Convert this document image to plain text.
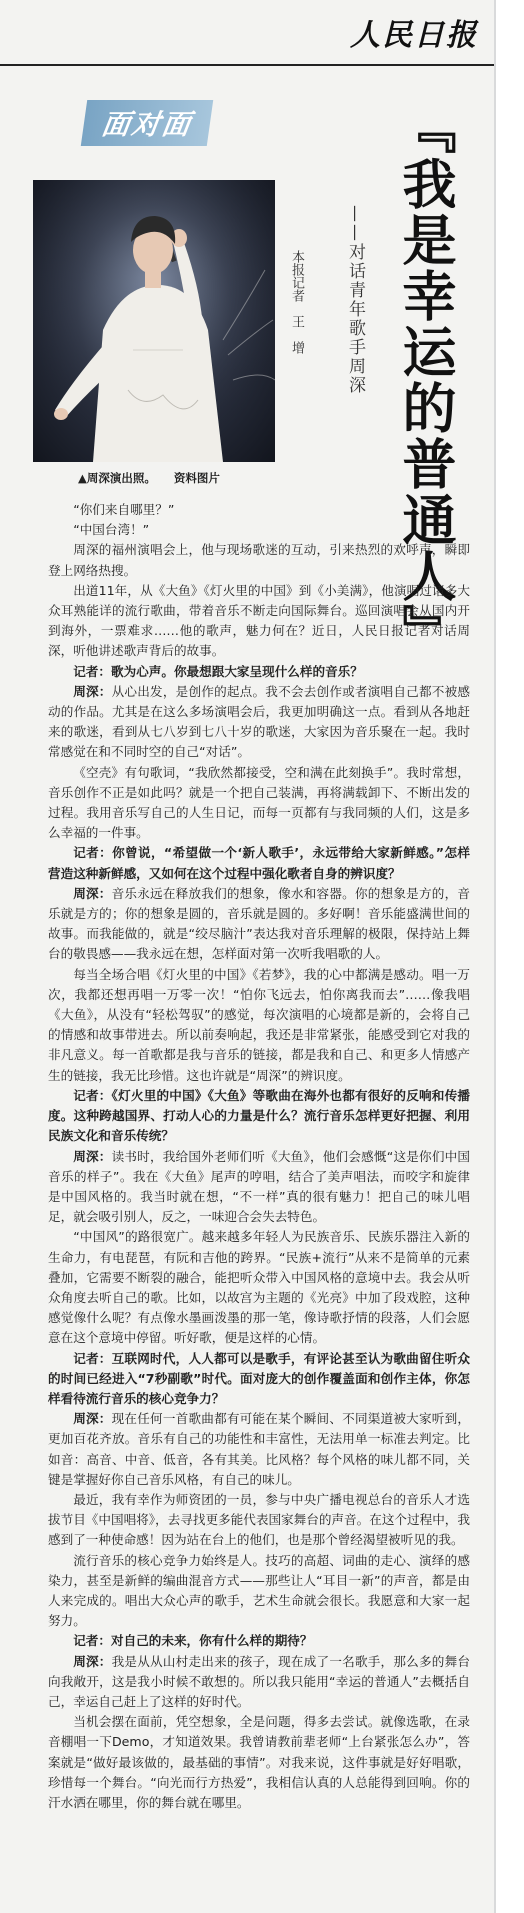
人民日报
面对面
▲周深演出照。 资料图片
本报记者　王　增 ——对话青年歌手周深 『我是幸运的普通人』

“你们来自哪里？”

“中国台湾！”

周深的福州演唱会上，他与现场歌迷的互动，引来热烈的欢呼声，瞬即登上网络热搜。

出道11年，从《大鱼》《灯火里的中国》到《小美满》，他演唱过诸多大众耳熟能详的流行歌曲，带着音乐不断走向国际舞台。巡回演唱会从国内开到海外，一票难求……他的歌声，魅力何在？近日，人民日报记者对话周深，听他讲述歌声背后的故事。

记者：歌为心声。你最想跟大家呈现什么样的音乐？

周深：从心出发，是创作的起点。我不会去创作或者演唱自己都不被感动的作品。尤其是在这么多场演唱会后，我更加明确这一点。看到从各地赶来的歌迷，看到从七八岁到七八十岁的歌迷，大家因为音乐聚在一起。我时常感觉在和不同时空的自己“对话”。

《空壳》有句歌词，“我欣然都接受，空和满在此刻换手”。我时常想，音乐创作不正是如此吗？就是一个把自己装满，再将满载卸下、不断出发的过程。我用音乐写自己的人生日记，而每一页都有与我同频的人们，这是多么幸福的一件事。

记者：你曾说，“希望做一个‘新人歌手’，永远带给大家新鲜感。”怎样营造这种新鲜感，又如何在这个过程中强化歌者自身的辨识度？

周深：音乐永远在释放我们的想象，像水和容器。你的想象是方的，音乐就是方的；你的想象是圆的，音乐就是圆的。多好啊！音乐能盛满世间的故事。而我能做的，就是“绞尽脑汁”表达我对音乐理解的极限，保持站上舞台的敬畏感——我永远在想，怎样面对第一次听我唱歌的人。

每当全场合唱《灯火里的中国》《若梦》，我的心中都满是感动。唱一万次，我都还想再唱一万零一次！“怕你飞远去，怕你离我而去”……像我唱《大鱼》，从没有“轻松驾驭”的感觉，每次演唱的心境都是新的，会将自己的情感和故事带进去。所以前奏响起，我还是非常紧张，能感受到它对我的非凡意义。每一首歌都是我与音乐的链接，都是我和自己、和更多人情感产生的链接，我无比珍惜。这也许就是“周深”的辨识度。

记者：《灯火里的中国》《大鱼》等歌曲在海外也都有很好的反响和传播度。这种跨越国界、打动人心的力量是什么？流行音乐怎样更好把握、利用民族文化和音乐传统？

周深：读书时，我给国外老师们听《大鱼》，他们会感慨“这是你们中国音乐的样子”。我在《大鱼》尾声的哼唱，结合了美声唱法，而咬字和旋律是中国风格的。我当时就在想，“不一样”真的很有魅力！把自己的味儿唱足，就会吸引别人，反之，一味迎合会失去特色。

“中国风”的路很宽广。越来越多年轻人为民族音乐、民族乐器注入新的生命力，有电琵琶，有阮和吉他的跨界。“民族+流行”从来不是简单的元素叠加，它需要不断裂的融合，能把听众带入中国风格的意境中去。我会从听众角度去听自己的歌。比如，以故宫为主题的《光亮》中加了段戏腔，这种感觉像什么呢？有点像水墨画泼墨的那一笔，像诗歌抒情的段落，人们会愿意在这个意境中停留。听好歌，便是这样的心情。

记者：互联网时代，人人都可以是歌手，有评论甚至认为歌曲留住听众的时间已经进入“7秒副歌”时代。面对庞大的创作覆盖面和创作主体，你怎样看待流行音乐的核心竞争力？

周深：现在任何一首歌曲都有可能在某个瞬间、不同渠道被大家听到，更加百花齐放。音乐有自己的功能性和丰富性，无法用单一标准去判定。比如音：高音、中音、低音，各有其美。比风格？每个风格的味儿都不同，关键是掌握好你自己音乐风格，有自己的味儿。

最近，我有幸作为师资团的一员，参与中央广播电视总台的音乐人才选拔节目《中国唱将》，去寻找更多能代表国家舞台的声音。在这个过程中，我感到了一种使命感！因为站在台上的他们，也是那个曾经渴望被听见的我。

流行音乐的核心竞争力始终是人。技巧的高超、词曲的走心、演绎的感染力，甚至是新鲜的编曲混音方式——那些让人“耳目一新”的声音，都是由人来完成的。唱出大众心声的歌手，艺术生命就会很长。我愿意和大家一起努力。

记者：对自己的未来，你有什么样的期待？

周深：我是从从山村走出来的孩子，现在成了一名歌手，那么多的舞台向我敞开，这是我小时候不敢想的。所以我只能用“幸运的普通人”去概括自己，幸运自己赶上了这样的好时代。

当机会摆在面前，凭空想象，全是问题，得多去尝试。就像选歌，在录音棚唱一下Demo，才知道效果。我曾请教前辈老师“上台紧张怎么办”，答案就是“做好最该做的，最基础的事情”。对我来说，这件事就是好好唱歌，珍惜每一个舞台。“向光而行方热爱”，我相信认真的人总能得到回响。你的汗水洒在哪里，你的舞台就在哪里。
